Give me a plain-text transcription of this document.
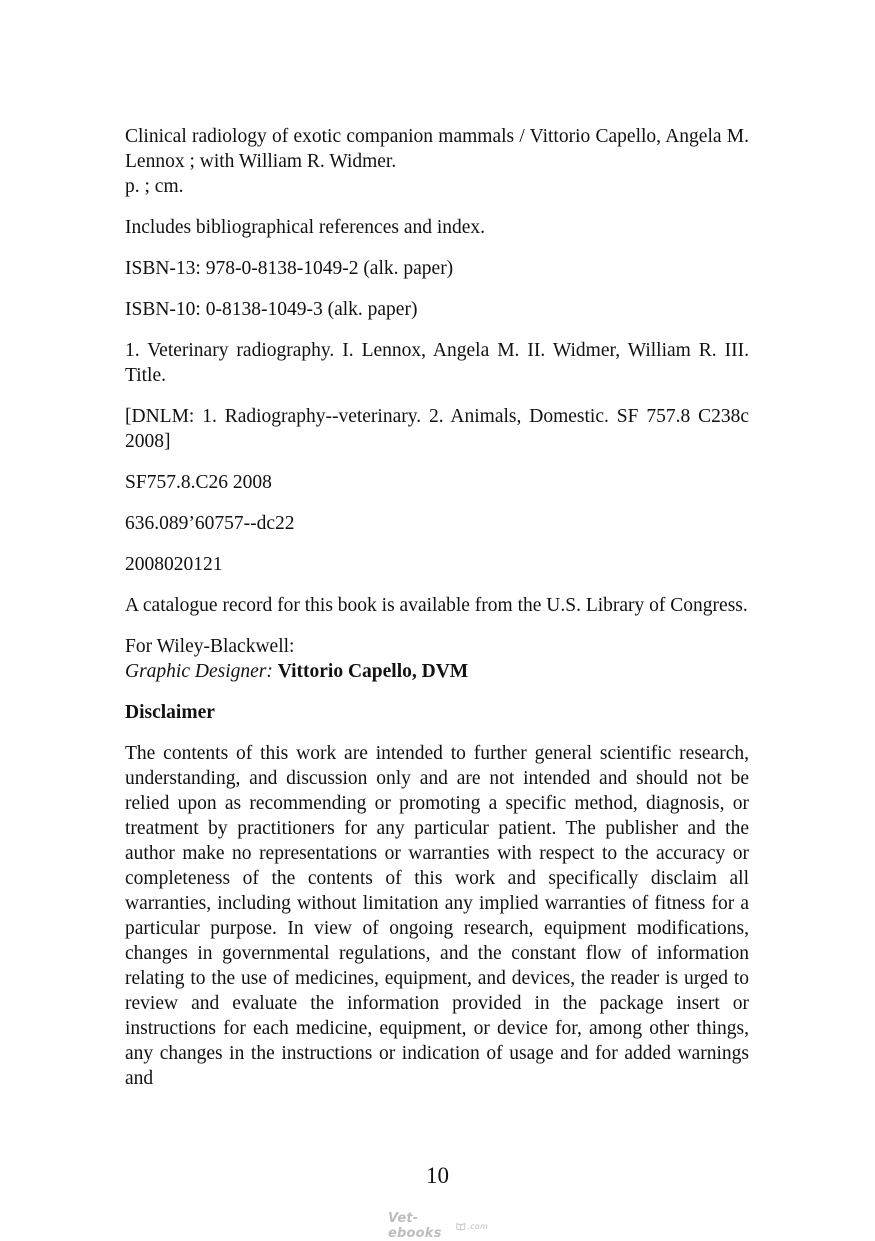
Clinical radiology of exotic companion mammals / Vittorio Capello, Angela M. Lennox ; with William R. Widmer.
p. ; cm.

Includes bibliographical references and index.

ISBN-13: 978-0-8138-1049-2 (alk. paper)

ISBN-10: 0-8138-1049-3 (alk. paper)

1. Veterinary radiography. I. Lennox, Angela M. II. Widmer, William R. III. Title.

[DNLM: 1. Radiography--veterinary. 2. Animals, Domestic. SF 757.8 C238c 2008]

SF757.8.C26 2008

636.089’60757--dc22

2008020121

A catalogue record for this book is available from the U.S. Library of Congress.

For Wiley-Blackwell:
Graphic Designer: Vittorio Capello, DVM

Disclaimer

The contents of this work are intended to further general scientific research, understanding, and discussion only and are not intended and should not be relied upon as recommending or promoting a specific method, diagnosis, or treatment by practitioners for any particular patient. The publisher and the author make no representations or warranties with respect to the accuracy or completeness of the contents of this work and specifically disclaim all warranties, including without limitation any implied warranties of fitness for a particular purpose. In view of ongoing research, equipment modifications, changes in governmental regulations, and the constant flow of information relating to the use of medicines, equipment, and devices, the reader is urged to review and evaluate the information provided in the package insert or instructions for each medicine, equipment, or device for, among other things, any changes in the instructions or indication of usage and for added warnings and

10
Vet-ebooks	.com
